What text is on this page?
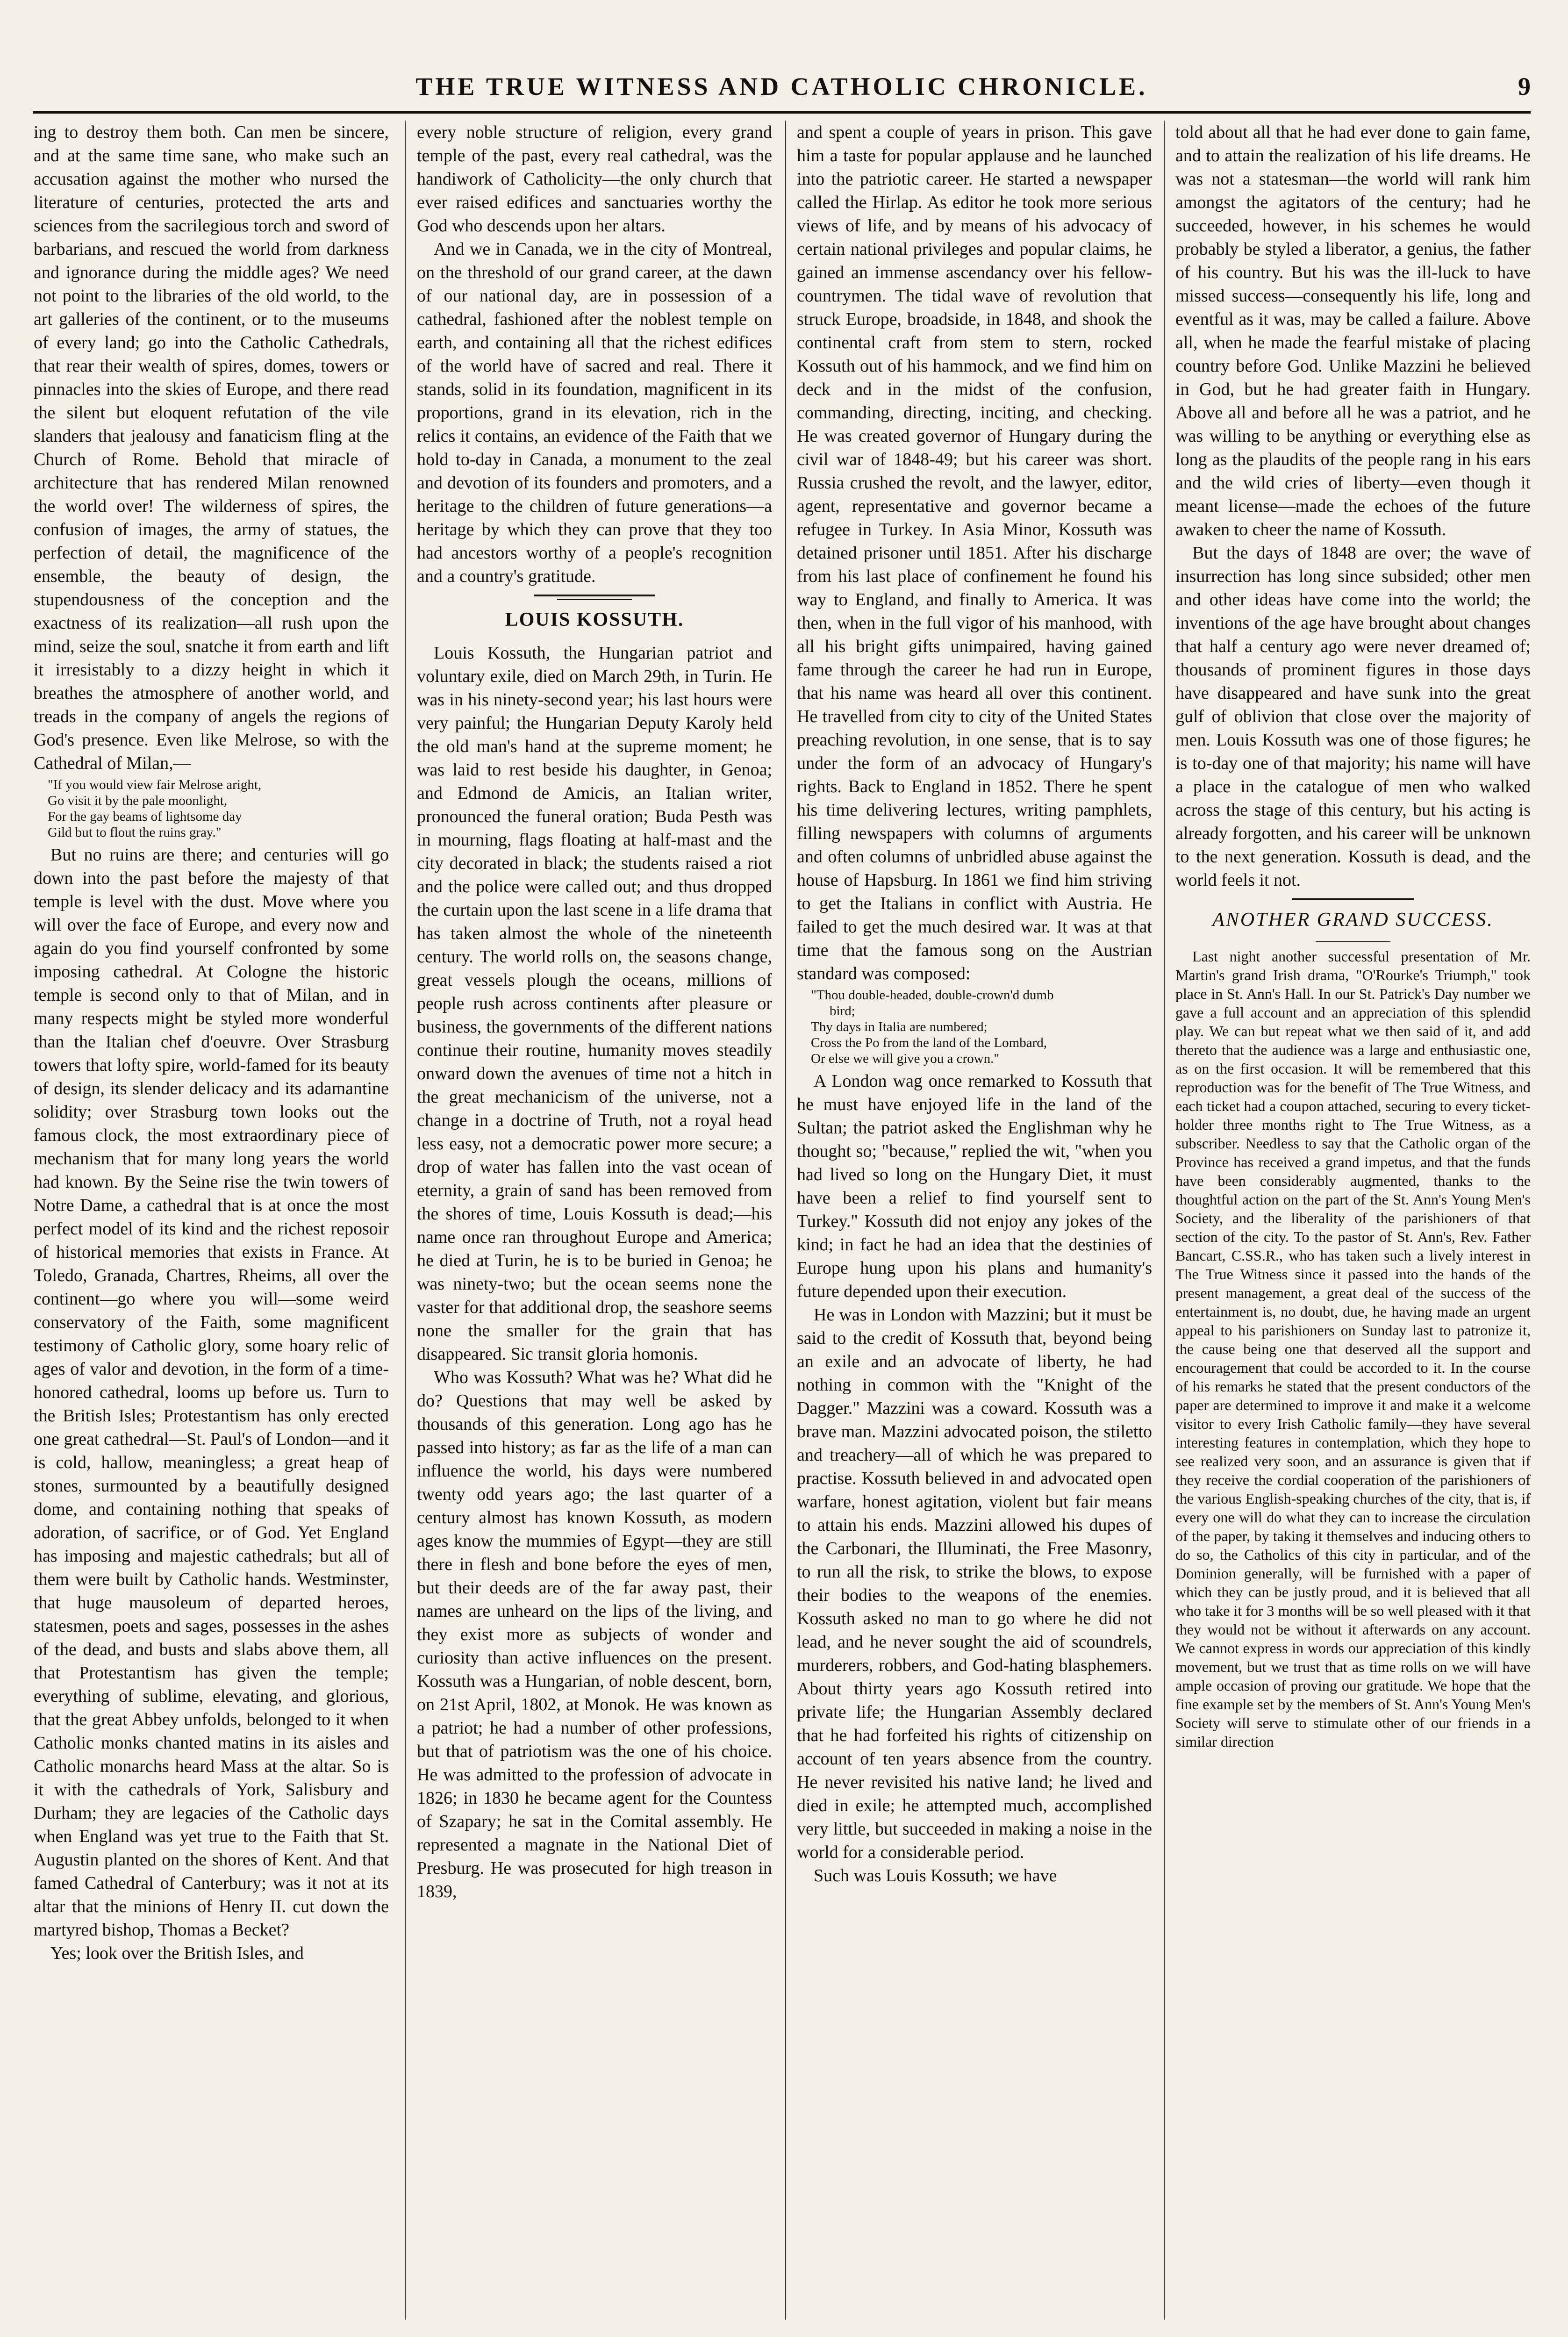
THE TRUE WITNESS AND CATHOLIC CHRONICLE.	9

ing to destroy them both. Can men be sincere, and at the same time sane, who make such an accusation against the mother who nursed the literature of centuries, protected the arts and sciences from the sacrilegious torch and sword of barbarians, and rescued the world from darkness and ignorance during the middle ages? We need not point to the libraries of the old world, to the art galleries of the continent, or to the museums of every land; go into the Catholic Cathedrals, that rear their wealth of spires, domes, towers or pinnacles into the skies of Europe, and there read the silent but eloquent refutation of the vile slanders that jealousy and fanaticism fling at the Church of Rome. Behold that miracle of architecture that has rendered Milan renowned the world over! The wilderness of spires, the confusion of images, the army of statues, the perfection of detail, the magnificence of the ensemble, the beauty of design, the stupendousness of the conception and the exactness of its realization—all rush upon the mind, seize the soul, snatche it from earth and lift it irresistably to a dizzy height in which it breathes the atmosphere of another world, and treads in the company of angels the regions of God's presence. Even like Melrose, so with the Cathedral of Milan,—

"If you would view fair Melrose aright,
Go visit it by the pale moonlight,
For the gay beams of lightsome day
Gild but to flout the ruins gray."

But no ruins are there; and centuries will go down into the past before the majesty of that temple is level with the dust. Move where you will over the face of Europe, and every now and again do you find yourself confronted by some imposing cathedral. At Cologne the historic temple is second only to that of Milan, and in many respects might be styled more wonderful than the Italian chef d'oeuvre. Over Strasburg towers that lofty spire, world-famed for its beauty of design, its slender delicacy and its adamantine solidity; over Strasburg town looks out the famous clock, the most extraordinary piece of mechanism that for many long years the world had known. By the Seine rise the twin towers of Notre Dame, a cathedral that is at once the most perfect model of its kind and the richest reposoir of historical memories that exists in France. At Toledo, Granada, Chartres, Rheims, all over the continent—go where you will—some weird conservatory of the Faith, some magnificent testimony of Catholic glory, some hoary relic of ages of valor and devotion, in the form of a time-honored cathedral, looms up before us. Turn to the British Isles; Protestantism has only erected one great cathedral—St. Paul's of London—and it is cold, hallow, meaningless; a great heap of stones, surmounted by a beautifully designed dome, and containing nothing that speaks of adoration, of sacrifice, or of God. Yet England has imposing and majestic cathedrals; but all of them were built by Catholic hands. Westminster, that huge mausoleum of departed heroes, statesmen, poets and sages, possesses in the ashes of the dead, and busts and slabs above them, all that Protestantism has given the temple; everything of sublime, elevating, and glorious, that the great Abbey unfolds, belonged to it when Catholic monks chanted matins in its aisles and Catholic monarchs heard Mass at the altar. So is it with the cathedrals of York, Salisbury and Durham; they are legacies of the Catholic days when England was yet true to the Faith that St. Augustin planted on the shores of Kent. And that famed Cathedral of Canterbury; was it not at its altar that the minions of Henry II. cut down the martyred bishop, Thomas a Becket?

Yes; look over the British Isles, and

every noble structure of religion, every grand temple of the past, every real cathedral, was the handiwork of Catholicity—the only church that ever raised edifices and sanctuaries worthy the God who descends upon her altars.

And we in Canada, we in the city of Montreal, on the threshold of our grand career, at the dawn of our national day, are in possession of a cathedral, fashioned after the noblest temple on earth, and containing all that the richest edifices of the world have of sacred and real. There it stands, solid in its foundation, magnificent in its proportions, grand in its elevation, rich in the relics it contains, an evidence of the Faith that we hold to-day in Canada, a monument to the zeal and devotion of its founders and promoters, and a heritage to the children of future generations—a heritage by which they can prove that they too had ancestors worthy of a people's recognition and a country's gratitude.

LOUIS KOSSUTH.

Louis Kossuth, the Hungarian patriot and voluntary exile, died on March 29th, in Turin. He was in his ninety-second year; his last hours were very painful; the Hungarian Deputy Karoly held the old man's hand at the supreme moment; he was laid to rest beside his daughter, in Genoa; and Edmond de Amicis, an Italian writer, pronounced the funeral oration; Buda Pesth was in mourning, flags floating at half-mast and the city decorated in black; the students raised a riot and the police were called out; and thus dropped the curtain upon the last scene in a life drama that has taken almost the whole of the nineteenth century. The world rolls on, the seasons change, great vessels plough the oceans, millions of people rush across continents after pleasure or business, the governments of the different nations continue their routine, humanity moves steadily onward down the avenues of time not a hitch in the great mechanicism of the universe, not a change in a doctrine of Truth, not a royal head less easy, not a democratic power more secure; a drop of water has fallen into the vast ocean of eternity, a grain of sand has been removed from the shores of time, Louis Kossuth is dead;—his name once ran throughout Europe and America; he died at Turin, he is to be buried in Genoa; he was ninety-two; but the ocean seems none the vaster for that additional drop, the seashore seems none the smaller for the grain that has disappeared. Sic transit gloria homonis.

Who was Kossuth? What was he? What did he do? Questions that may well be asked by thousands of this generation. Long ago has he passed into history; as far as the life of a man can influence the world, his days were numbered twenty odd years ago; the last quarter of a century almost has known Kossuth, as modern ages know the mummies of Egypt—they are still there in flesh and bone before the eyes of men, but their deeds are of the far away past, their names are unheard on the lips of the living, and they exist more as subjects of wonder and curiosity than active influences on the present. Kossuth was a Hungarian, of noble descent, born, on 21st April, 1802, at Monok. He was known as a patriot; he had a number of other professions, but that of patriotism was the one of his choice. He was admitted to the profession of advocate in 1826; in 1830 he became agent for the Countess of Szapary; he sat in the Comital assembly. He represented a magnate in the National Diet of Presburg. He was prosecuted for high treason in 1839,

and spent a couple of years in prison. This gave him a taste for popular applause and he launched into the patriotic career. He started a newspaper called the Hirlap. As editor he took more serious views of life, and by means of his advocacy of certain national privileges and popular claims, he gained an immense ascendancy over his fellow-countrymen. The tidal wave of revolution that struck Europe, broadside, in 1848, and shook the continental craft from stem to stern, rocked Kossuth out of his hammock, and we find him on deck and in the midst of the confusion, commanding, directing, inciting, and checking. He was created governor of Hungary during the civil war of 1848-49; but his career was short. Russia crushed the revolt, and the lawyer, editor, agent, representative and governor became a refugee in Turkey. In Asia Minor, Kossuth was detained prisoner until 1851. After his discharge from his last place of confinement he found his way to England, and finally to America. It was then, when in the full vigor of his manhood, with all his bright gifts unimpaired, having gained fame through the career he had run in Europe, that his name was heard all over this continent. He travelled from city to city of the United States preaching revolution, in one sense, that is to say under the form of an advocacy of Hungary's rights. Back to England in 1852. There he spent his time delivering lectures, writing pamphlets, filling newspapers with columns of arguments and often columns of unbridled abuse against the house of Hapsburg. In 1861 we find him striving to get the Italians in conflict with Austria. He failed to get the much desired war. It was at that time that the famous song on the Austrian standard was composed:

"Thou double-headed, double-crown'd dumb
bird;
Thy days in Italia are numbered;
Cross the Po from the land of the Lombard,
Or else we will give you a crown."

A London wag once remarked to Kossuth that he must have enjoyed life in the land of the Sultan; the patriot asked the Englishman why he thought so; "because," replied the wit, "when you had lived so long on the Hungary Diet, it must have been a relief to find yourself sent to Turkey." Kossuth did not enjoy any jokes of the kind; in fact he had an idea that the destinies of Europe hung upon his plans and humanity's future depended upon their execution.

He was in London with Mazzini; but it must be said to the credit of Kossuth that, beyond being an exile and an advocate of liberty, he had nothing in common with the "Knight of the Dagger." Mazzini was a coward. Kossuth was a brave man. Mazzini advocated poison, the stiletto and treachery—all of which he was prepared to practise. Kossuth believed in and advocated open warfare, honest agitation, violent but fair means to attain his ends. Mazzini allowed his dupes of the Carbonari, the Illuminati, the Free Masonry, to run all the risk, to strike the blows, to expose their bodies to the weapons of the enemies. Kossuth asked no man to go where he did not lead, and he never sought the aid of scoundrels, murderers, robbers, and God-hating blasphemers. About thirty years ago Kossuth retired into private life; the Hungarian Assembly declared that he had forfeited his rights of citizenship on account of ten years absence from the country. He never revisited his native land; he lived and died in exile; he attempted much, accomplished very little, but succeeded in making a noise in the world for a considerable period.

Such was Louis Kossuth; we have

told about all that he had ever done to gain fame, and to attain the realization of his life dreams. He was not a statesman—the world will rank him amongst the agitators of the century; had he succeeded, however, in his schemes he would probably be styled a liberator, a genius, the father of his country. But his was the ill-luck to have missed success—consequently his life, long and eventful as it was, may be called a failure. Above all, when he made the fearful mistake of placing country before God. Unlike Mazzini he believed in God, but he had greater faith in Hungary. Above all and before all he was a patriot, and he was willing to be anything or everything else as long as the plaudits of the people rang in his ears and the wild cries of liberty—even though it meant license—made the echoes of the future awaken to cheer the name of Kossuth.

But the days of 1848 are over; the wave of insurrection has long since subsided; other men and other ideas have come into the world; the inventions of the age have brought about changes that half a century ago were never dreamed of; thousands of prominent figures in those days have disappeared and have sunk into the great gulf of oblivion that close over the majority of men. Louis Kossuth was one of those figures; he is to-day one of that majority; his name will have a place in the catalogue of men who walked across the stage of this century, but his acting is already forgotten, and his career will be unknown to the next generation. Kossuth is dead, and the world feels it not.

ANOTHER GRAND SUCCESS.

Last night another successful presentation of Mr. Martin's grand Irish drama, "O'Rourke's Triumph," took place in St. Ann's Hall. In our St. Patrick's Day number we gave a full account and an appreciation of this splendid play. We can but repeat what we then said of it, and add thereto that the audience was a large and enthusiastic one, as on the first occasion. It will be remembered that this reproduction was for the benefit of The True Witness, and each ticket had a coupon attached, securing to every ticket-holder three months right to The True Witness, as a subscriber. Needless to say that the Catholic organ of the Province has received a grand impetus, and that the funds have been considerably augmented, thanks to the thoughtful action on the part of the St. Ann's Young Men's Society, and the liberality of the parishioners of that section of the city. To the pastor of St. Ann's, Rev. Father Bancart, C.SS.R., who has taken such a lively interest in The True Witness since it passed into the hands of the present management, a great deal of the success of the entertainment is, no doubt, due, he having made an urgent appeal to his parishioners on Sunday last to patronize it, the cause being one that deserved all the support and encouragement that could be accorded to it. In the course of his remarks he stated that the present conductors of the paper are determined to improve it and make it a welcome visitor to every Irish Catholic family—they have several interesting features in contemplation, which they hope to see realized very soon, and an assurance is given that if they receive the cordial cooperation of the parishioners of the various English-speaking churches of the city, that is, if every one will do what they can to increase the circulation of the paper, by taking it themselves and inducing others to do so, the Catholics of this city in particular, and of the Dominion generally, will be furnished with a paper of which they can be justly proud, and it is believed that all who take it for 3 months will be so well pleased with it that they would not be without it afterwards on any account. We cannot express in words our appreciation of this kindly movement, but we trust that as time rolls on we will have ample occasion of proving our gratitude. We hope that the fine example set by the members of St. Ann's Young Men's Society will serve to stimulate other of our friends in a similar direction
